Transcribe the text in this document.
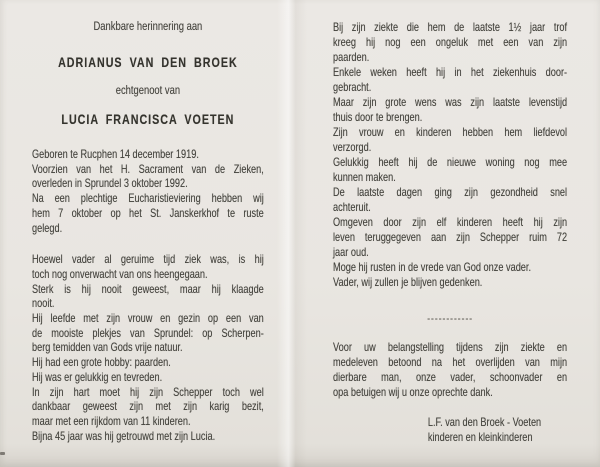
Dankbare herinnering aan
ADRIANUS VAN DEN BROEK
echtgenoot van
LUCIA FRANCISCA VOETEN
Geboren te Rucphen 14 december 1919.
Voorzien van het H. Sacrament van de Zieken,
overleden in Sprundel 3 oktober 1992.
Na een plechtige Eucharistieviering hebben wij
hem 7 oktober op het St. Janskerkhof te ruste
gelegd.
Hoewel vader al geruime tijd ziek was, is hij
toch nog onverwacht van ons heengegaan.
Sterk is hij nooit geweest, maar hij klaagde
nooit.
Hij leefde met zijn vrouw en gezin op een van
de mooiste plekjes van Sprundel: op Scherpen-
berg temidden van Gods vrije natuur.
Hij had een grote hobby: paarden.
Hij was er gelukkig en tevreden.
In zijn hart moet hij zijn Schepper toch wel
dankbaar geweest zijn met zijn karig bezit,
maar met een rijkdom van 11 kinderen.
Bijna 45 jaar was hij getrouwd met zijn Lucia.
Bij zijn ziekte die hem de laatste 1½ jaar trof
kreeg hij nog een ongeluk met een van zijn
paarden.
Enkele weken heeft hij in het ziekenhuis door-
gebracht.
Maar zijn grote wens was zijn laatste levenstijd
thuis door te brengen.
Zijn vrouw en kinderen hebben hem liefdevol
verzorgd.
Gelukkig heeft hij de nieuwe woning nog mee
kunnen maken.
De laatste dagen ging zijn gezondheid snel
achteruit.
Omgeven door zijn elf kinderen heeft hij zijn
leven teruggegeven aan zijn Schepper ruim 72
jaar oud.
Moge hij rusten in de vrede van God onze vader.
Vader, wij zullen je blijven gedenken.
------------
Voor uw belangstelling tijdens zijn ziekte en
medeleven betoond na het overlijden van mijn
dierbare man, onze vader, schoonvader en
opa betuigen wij u onze oprechte dank.
L.F. van den Broek - Voeten
kinderen en kleinkinderen
